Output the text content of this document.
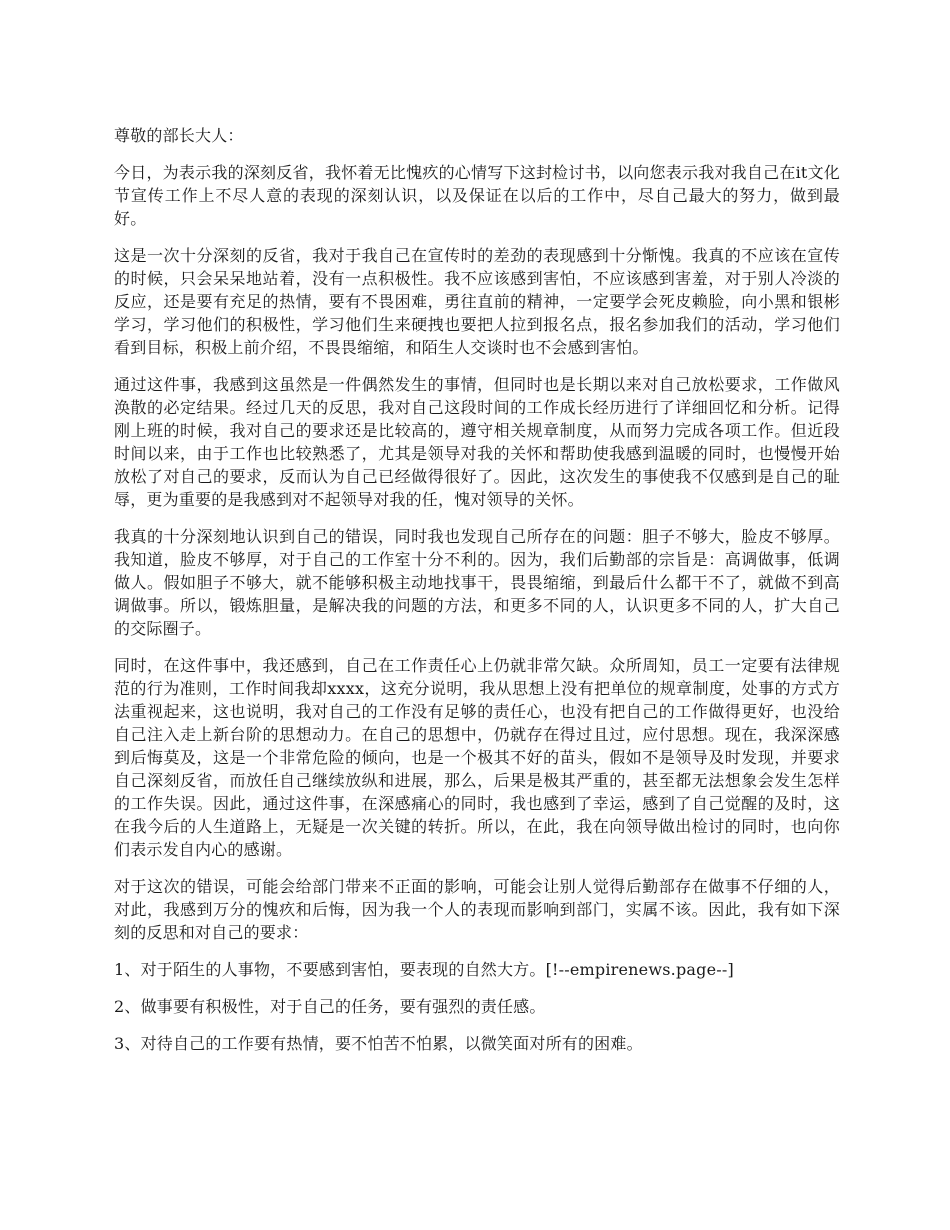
尊敬的部长大人：

今日，为表示我的深刻反省，我怀着无比愧疚的心情写下这封检讨书，以向您表示我对我自己在it文化节宣传工作上不尽人意的表现的深刻认识，以及保证在以后的工作中，尽自己最大的努力，做到最好。

这是一次十分深刻的反省，我对于我自己在宣传时的差劲的表现感到十分惭愧。我真的不应该在宣传的时候，只会呆呆地站着，没有一点积极性。我不应该感到害怕，不应该感到害羞，对于别人冷淡的反应，还是要有充足的热情，要有不畏困难，勇往直前的精神，一定要学会死皮赖脸，向小黑和银彬学习，学习他们的积极性，学习他们生来硬拽也要把人拉到报名点，报名参加我们的活动，学习他们看到目标，积极上前介绍，不畏畏缩缩，和陌生人交谈时也不会感到害怕。

通过这件事，我感到这虽然是一件偶然发生的事情，但同时也是长期以来对自己放松要求，工作做风涣散的必定结果。经过几天的反思，我对自己这段时间的工作成长经历进行了详细回忆和分析。记得刚上班的时候，我对自己的要求还是比较高的，遵守相关规章制度，从而努力完成各项工作。但近段时间以来，由于工作也比较熟悉了，尤其是领导对我的关怀和帮助使我感到温暖的同时，也慢慢开始放松了对自己的要求，反而认为自己已经做得很好了。因此，这次发生的事使我不仅感到是自己的耻辱，更为重要的是我感到对不起领导对我的任，愧对领导的关怀。

我真的十分深刻地认识到自己的错误，同时我也发现自己所存在的问题：胆子不够大，脸皮不够厚。我知道，脸皮不够厚，对于自己的工作室十分不利的。因为，我们后勤部的宗旨是：高调做事，低调做人。假如胆子不够大，就不能够积极主动地找事干，畏畏缩缩，到最后什么都干不了，就做不到高调做事。所以，锻炼胆量，是解决我的问题的方法，和更多不同的人，认识更多不同的人，扩大自己的交际圈子。

同时，在这件事中，我还感到，自己在工作责任心上仍就非常欠缺。众所周知，员工一定要有法律规范的行为准则，工作时间我却xxxx，这充分说明，我从思想上没有把单位的规章制度，处事的方式方法重视起来，这也说明，我对自己的工作没有足够的责任心，也没有把自己的工作做得更好，也没给自己注入走上新台阶的思想动力。在自己的思想中，仍就存在得过且过，应付思想。现在，我深深感到后悔莫及，这是一个非常危险的倾向，也是一个极其不好的苗头，假如不是领导及时发现，并要求自己深刻反省，而放任自己继续放纵和进展，那么，后果是极其严重的，甚至都无法想象会发生怎样的工作失误。因此，通过这件事，在深感痛心的同时，我也感到了幸运，感到了自己觉醒的及时，这在我今后的人生道路上，无疑是一次关键的转折。所以，在此，我在向领导做出检讨的同时，也向你们表示发自内心的感谢。

对于这次的错误，可能会给部门带来不正面的影响，可能会让别人觉得后勤部存在做事不仔细的人，对此，我感到万分的愧疚和后悔，因为我一个人的表现而影响到部门，实属不该。因此，我有如下深刻的反思和对自己的要求：

1、对于陌生的人事物，不要感到害怕，要表现的自然大方。[!--empirenews.page--]

2、做事要有积极性，对于自己的任务，要有强烈的责任感。

3、对待自己的工作要有热情，要不怕苦不怕累，以微笑面对所有的困难。
